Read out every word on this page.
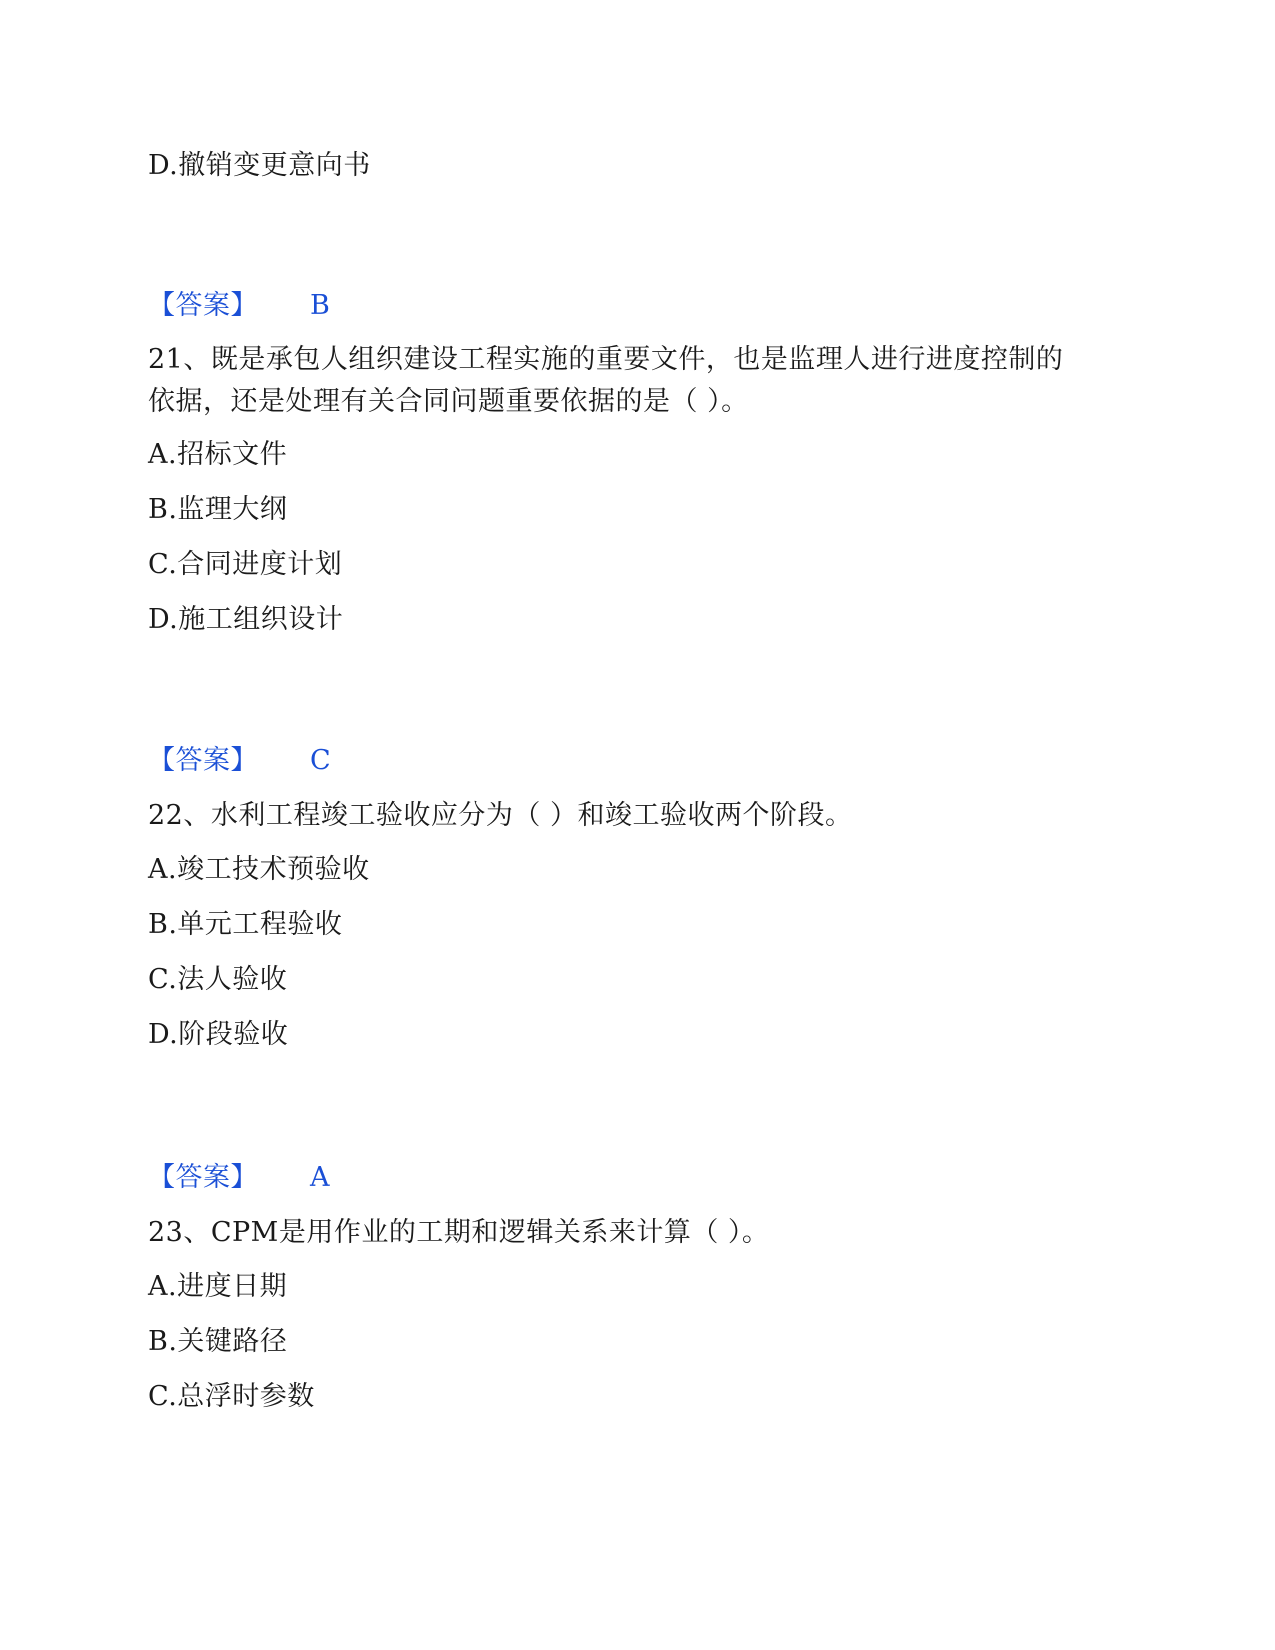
D.撤销变更意向书
【答案】 B
21、既是承包人组织建设工程实施的重要文件，也是监理人进行进度控制的
依据，还是处理有关合同问题重要依据的是（ ）。
A.招标文件
B.监理大纲
C.合同进度计划
D.施工组织设计
【答案】 C
22、水利工程竣工验收应分为（ ）和竣工验收两个阶段。
A.竣工技术预验收
B.单元工程验收
C.法人验收
D.阶段验收
【答案】 A
23、CPM是用作业的工期和逻辑关系来计算（ ）。
A.进度日期
B.关键路径
C.总浮时参数
